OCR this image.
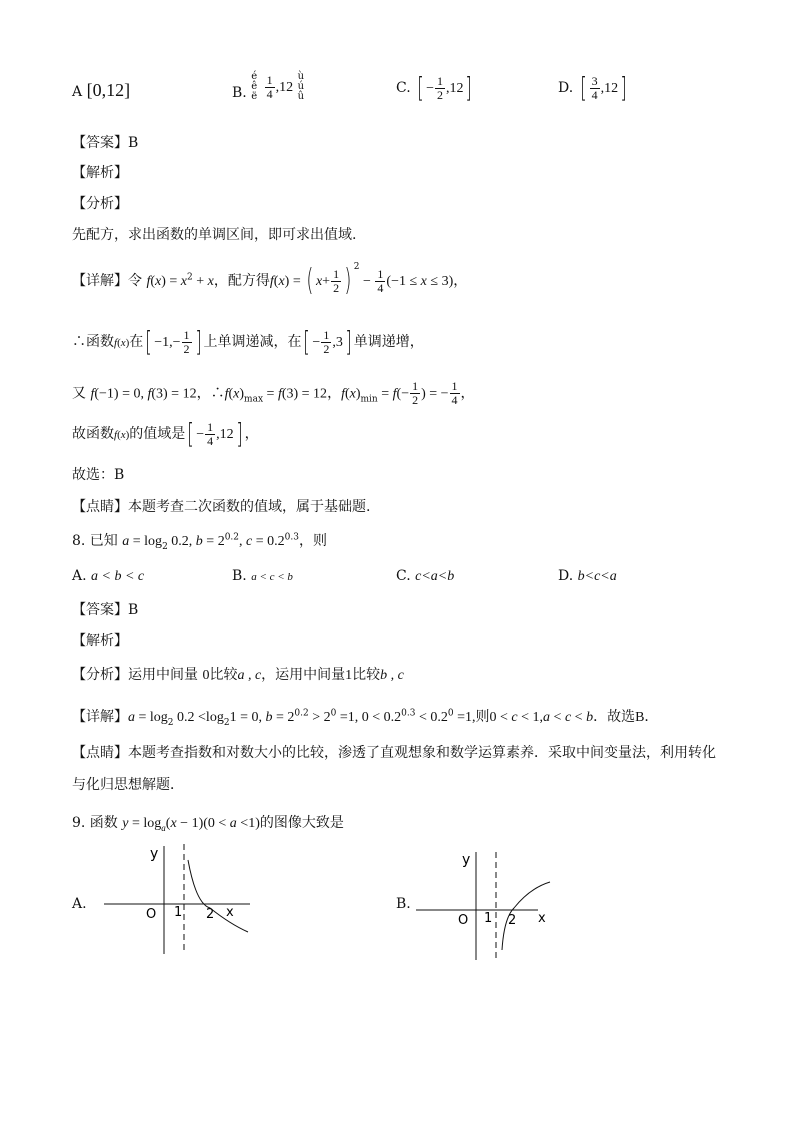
A [0,12]	B. é ê ë $\frac{1}{4} ,12$ ù ú û
C. [ − $\frac{1}{2} ,12$]	D. [ $\frac{3}{4} ,12$]
【答案】B
【解析】
【分析】
先配方，求出函数的单调区间，即可求出值域.
【详解】令 $f(x) = x^2 + x$，配方得f(x) = ( $x+ \frac{1}{2}$ ) $^2 - \frac{1}{4} (-1 \le x \le 3)$，
∴函数f(x)在[ $-1,- \frac{1}{2}$ ] 上单调递减，在[ − $\frac{1}{2} ,3$] 单调递增，
又 f(−1) = 0, f(3) = 12，$\therefore f(x)_{max} = f(3) = 12$，$f(x)_{min} = f(- \frac{1}{2}$ ) = − $\frac{1}{4}$ ，
故函数f(x)的值域是[ − $\frac{1}{4} ,12$] ，
故选：B
【点睛】本题考查二次函数的值域，属于基础题.
8. 已知 $a = \log_2 0.2$, $b = 2^{0.2}$, $c = 0.2^{0.3}$，则
A. a < b < c	B. a < c < b	C. c<a<b	D. b<c<a
【答案】B
【解析】
【分析】运用中间量 0比较a , c，运用中间量1比较b , c
【详解】$a = \log_2 0.2 <\log_21 = 0$, $b = 2^{0.2} > 2^0 =1$, $0 < 0.2^{0.3} < 0.2^0 =1$,则0 < c < 1,a < c < b．故选B．
【点睛】本题考查指数和对数大小的比较，渗透了直观想象和数学运算素养．采取中间变量法，利用转化
与化归思想解题．
9. 函数 $y = \log_a(x - 1)(0 < a <1)$的图像大致是
A.	B.
y
O 1 2 x
y
O 1 2 x
